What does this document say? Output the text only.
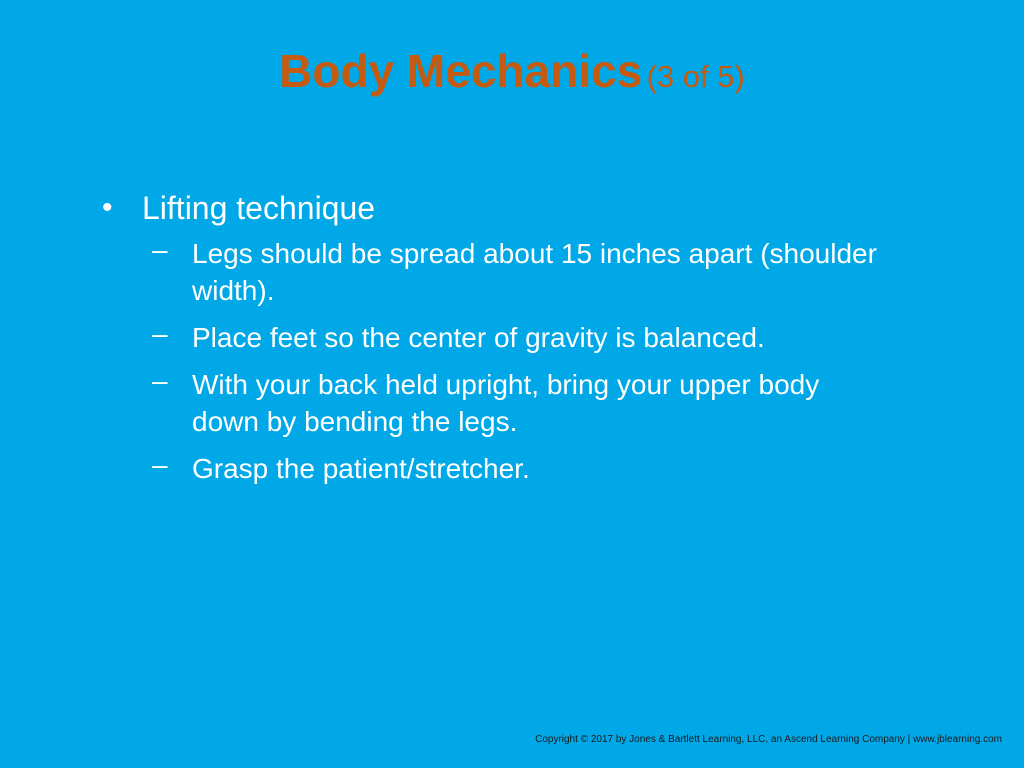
Body Mechanics (3 of 5)
• Lifting technique
– Legs should be spread about 15 inches apart (shoulder width).
– Place feet so the center of gravity is balanced.
– With your back held upright, bring your upper body down by bending the legs.
– Grasp the patient/stretcher.
Copyright © 2017 by Jones & Bartlett Learning, LLC, an Ascend Learning Company | www.jblearning.com
